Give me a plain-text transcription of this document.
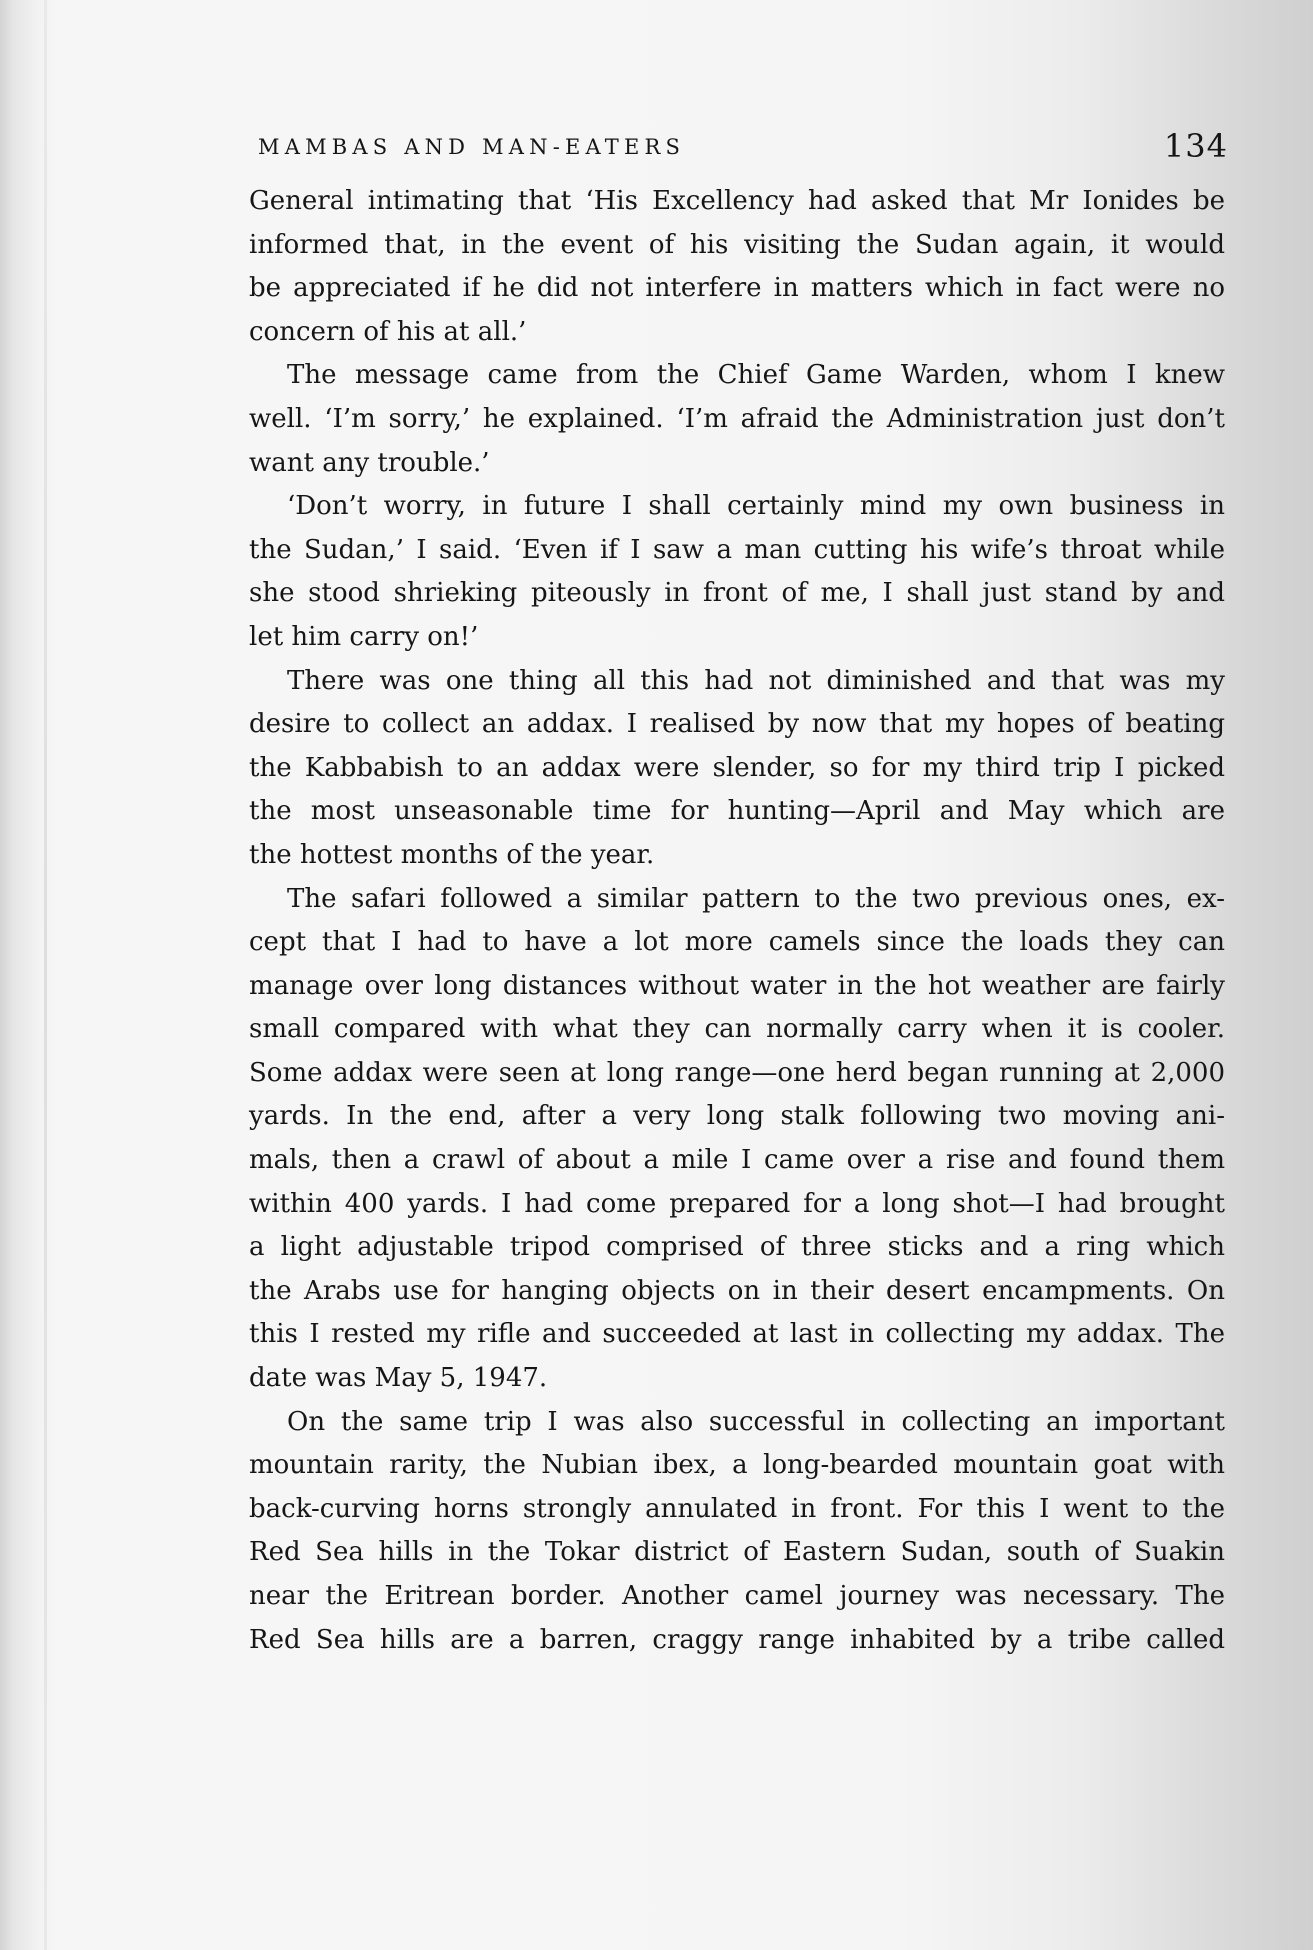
MAMBAS AND MAN-EATERS	134
General intimating that ‘His Excellency had asked that Mr Ionides be
informed that, in the event of his visiting the Sudan again, it would
be appreciated if he did not interfere in matters which in fact were no
concern of his at all.’
The message came from the Chief Game Warden, whom I knew
well. ‘I’m sorry,’ he explained. ‘I’m afraid the Administration just don’t
want any trouble.’
‘Don’t worry, in future I shall certainly mind my own business in
the Sudan,’ I said. ‘Even if I saw a man cutting his wife’s throat while
she stood shrieking piteously in front of me, I shall just stand by and
let him carry on!’
There was one thing all this had not diminished and that was my
desire to collect an addax. I realised by now that my hopes of beating
the Kabbabish to an addax were slender, so for my third trip I picked
the most unseasonable time for hunting—April and May which are
the hottest months of the year.
The safari followed a similar pattern to the two previous ones, ex-
cept that I had to have a lot more camels since the loads they can
manage over long distances without water in the hot weather are fairly
small compared with what they can normally carry when it is cooler.
Some addax were seen at long range—one herd began running at 2,000
yards. In the end, after a very long stalk following two moving ani-
mals, then a crawl of about a mile I came over a rise and found them
within 400 yards. I had come prepared for a long shot—I had brought
a light adjustable tripod comprised of three sticks and a ring which
the Arabs use for hanging objects on in their desert encampments. On
this I rested my rifle and succeeded at last in collecting my addax. The
date was May 5, 1947.
On the same trip I was also successful in collecting an important
mountain rarity, the Nubian ibex, a long-bearded mountain goat with
back-curving horns strongly annulated in front. For this I went to the
Red Sea hills in the Tokar district of Eastern Sudan, south of Suakin
near the Eritrean border. Another camel journey was necessary. The
Red Sea hills are a barren, craggy range inhabited by a tribe called
